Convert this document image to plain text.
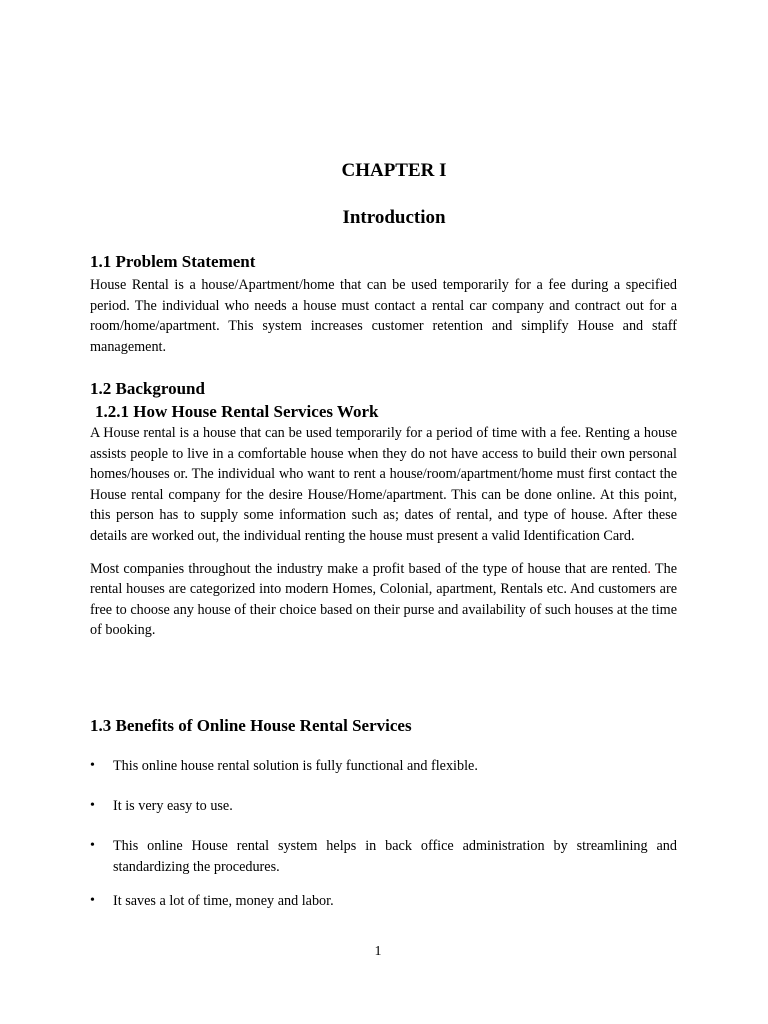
CHAPTER I
Introduction
1.1 Problem Statement

House Rental is a house/Apartment/home that can be used temporarily for a fee during a specified period. The individual who needs a house must contact a rental car company and contract out for a room/home/apartment. This system increases customer retention and simplify House and staff management.

1.2 Background
1.2.1 How House Rental Services Work

A House rental is a house that can be used temporarily for a period of time with a fee. Renting a house assists people to live in a comfortable house when they do not have access to build their own personal homes/houses or. The individual who want to rent a house/room/apartment/home must first contact the House rental company for the desire House/Home/apartment. This can be done online. At this point, this person has to supply some information such as; dates of rental, and type of house. After these details are worked out, the individual renting the house must present a valid Identification Card.

Most companies throughout the industry make a profit based of the type of house that are rented. The rental houses are categorized into modern Homes, Colonial, apartment, Rentals etc. And customers are free to choose any house of their choice based on their purse and availability of such houses at the time of booking.

1.3 Benefits of Online House Rental Services
• This online house rental solution is fully functional and flexible.
• It is very easy to use.
• This online House rental system helps in back office administration by streamlining and standardizing the procedures.
• It saves a lot of time, money and labor.
1
